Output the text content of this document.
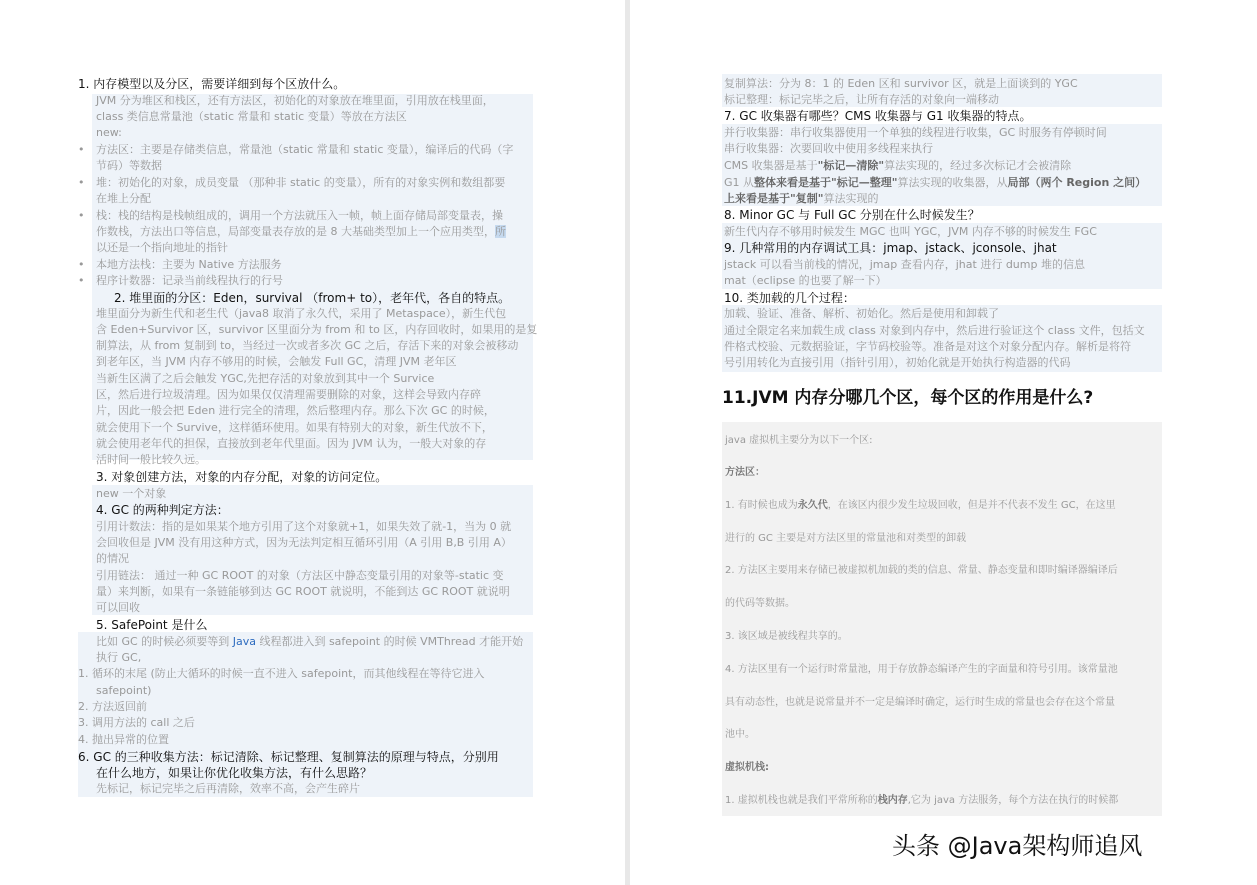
1. 内存模型以及分区，需要详细到每个区放什么。
JVM 分为堆区和栈区，还有方法区，初始化的对象放在堆里面，引用放在栈里面，
class 类信息常量池（static 常量和 static 变量）等放在方法区
new:
• 方法区：主要是存储类信息，常量池（static 常量和 static 变量），编译后的代码（字
节码）等数据
• 堆：初始化的对象，成员变量 （那种非 static 的变量），所有的对象实例和数组都要
在堆上分配
• 栈：栈的结构是栈帧组成的，调用一个方法就压入一帧，帧上面存储局部变量表，操
作数栈，方法出口等信息，局部变量表存放的是 8 大基础类型加上一个应用类型，所
以还是一个指向地址的指针
• 本地方法栈：主要为 Native 方法服务
• 程序计数器：记录当前线程执行的行号
2. 堆里面的分区：Eden，survival （from+ to），老年代，各自的特点。
堆里面分为新生代和老生代（java8 取消了永久代，采用了 Metaspace），新生代包
含 Eden+Survivor 区，survivor 区里面分为 from 和 to 区，内存回收时，如果用的是复
制算法，从 from 复制到 to，当经过一次或者多次 GC 之后，存活下来的对象会被移动
到老年区，当 JVM 内存不够用的时候，会触发 Full GC，清理 JVM 老年区
当新生区满了之后会触发 YGC,先把存活的对象放到其中一个 Survice
区，然后进行垃圾清理。因为如果仅仅清理需要删除的对象，这样会导致内存碎
片，因此一般会把 Eden 进行完全的清理，然后整理内存。那么下次 GC 的时候，
就会使用下一个 Survive，这样循环使用。如果有特别大的对象，新生代放不下，
就会使用老年代的担保，直接放到老年代里面。因为 JVM 认为，一般大对象的存
活时间一般比较久远。
3. 对象创建方法，对象的内存分配，对象的访问定位。
new 一个对象
4. GC 的两种判定方法：
引用计数法：指的是如果某个地方引用了这个对象就+1，如果失效了就-1，当为 0 就
会回收但是 JVM 没有用这种方式，因为无法判定相互循环引用（A 引用 B,B 引用 A）
的情况
引用链法： 通过一种 GC ROOT 的对象（方法区中静态变量引用的对象等-static 变
量）来判断，如果有一条链能够到达 GC ROOT 就说明，不能到达 GC ROOT 就说明
可以回收
5. SafePoint 是什么
比如 GC 的时候必须要等到 Java 线程都进入到 safepoint 的时候 VMThread 才能开始
执行 GC,
1. 循环的末尾 (防止大循环的时候一直不进入 safepoint，而其他线程在等待它进入
safepoint)
2. 方法返回前
3. 调用方法的 call 之后
4. 抛出异常的位置
6. GC 的三种收集方法：标记清除、标记整理、复制算法的原理与特点，分别用
在什么地方，如果让你优化收集方法，有什么思路？
先标记，标记完毕之后再清除，效率不高，会产生碎片
复制算法：分为 8：1 的 Eden 区和 survivor 区，就是上面谈到的 YGC
标记整理：标记完毕之后，让所有存活的对象向一端移动
7. GC 收集器有哪些？CMS 收集器与 G1 收集器的特点。
并行收集器：串行收集器使用一个单独的线程进行收集，GC 时服务有停顿时间
串行收集器：次要回收中使用多线程来执行
CMS 收集器是基于"标记—清除"算法实现的，经过多次标记才会被清除
G1 从整体来看是基于"标记—整理"算法实现的收集器，从局部（两个 Region 之间）
上来看是基于"复制"算法实现的
8. Minor GC 与 Full GC 分别在什么时候发生？
新生代内存不够用时候发生 MGC 也叫 YGC，JVM 内存不够的时候发生 FGC
9. 几种常用的内存调试工具：jmap、jstack、jconsole、jhat
jstack 可以看当前栈的情况，jmap 查看内存，jhat 进行 dump 堆的信息
mat（eclipse 的也要了解一下）
10. 类加载的几个过程：
加载、验证、准备、解析、初始化。然后是使用和卸载了
通过全限定名来加载生成 class 对象到内存中，然后进行验证这个 class 文件，包括文
件格式校验、元数据验证，字节码校验等。准备是对这个对象分配内存。解析是将符
号引用转化为直接引用（指针引用），初始化就是开始执行构造器的代码
11.JVM 内存分哪几个区，每个区的作用是什么?
java 虚拟机主要分为以下一个区:
方法区：
1. 有时候也成为永久代，在该区内很少发生垃圾回收，但是并不代表不发生 GC，在这里
进行的 GC 主要是对方法区里的常量池和对类型的卸载
2. 方法区主要用来存储已被虚拟机加载的类的信息、常量、静态变量和即时编译器编译后
的代码等数据。
3. 该区域是被线程共享的。
4. 方法区里有一个运行时常量池，用于存放静态编译产生的字面量和符号引用。该常量池
具有动态性，也就是说常量并不一定是编译时确定，运行时生成的常量也会存在这个常量
池中。
虚拟机栈:
1. 虚拟机栈也就是我们平常所称的栈内存,它为 java 方法服务，每个方法在执行的时候都
头条 @Java架构师追风
